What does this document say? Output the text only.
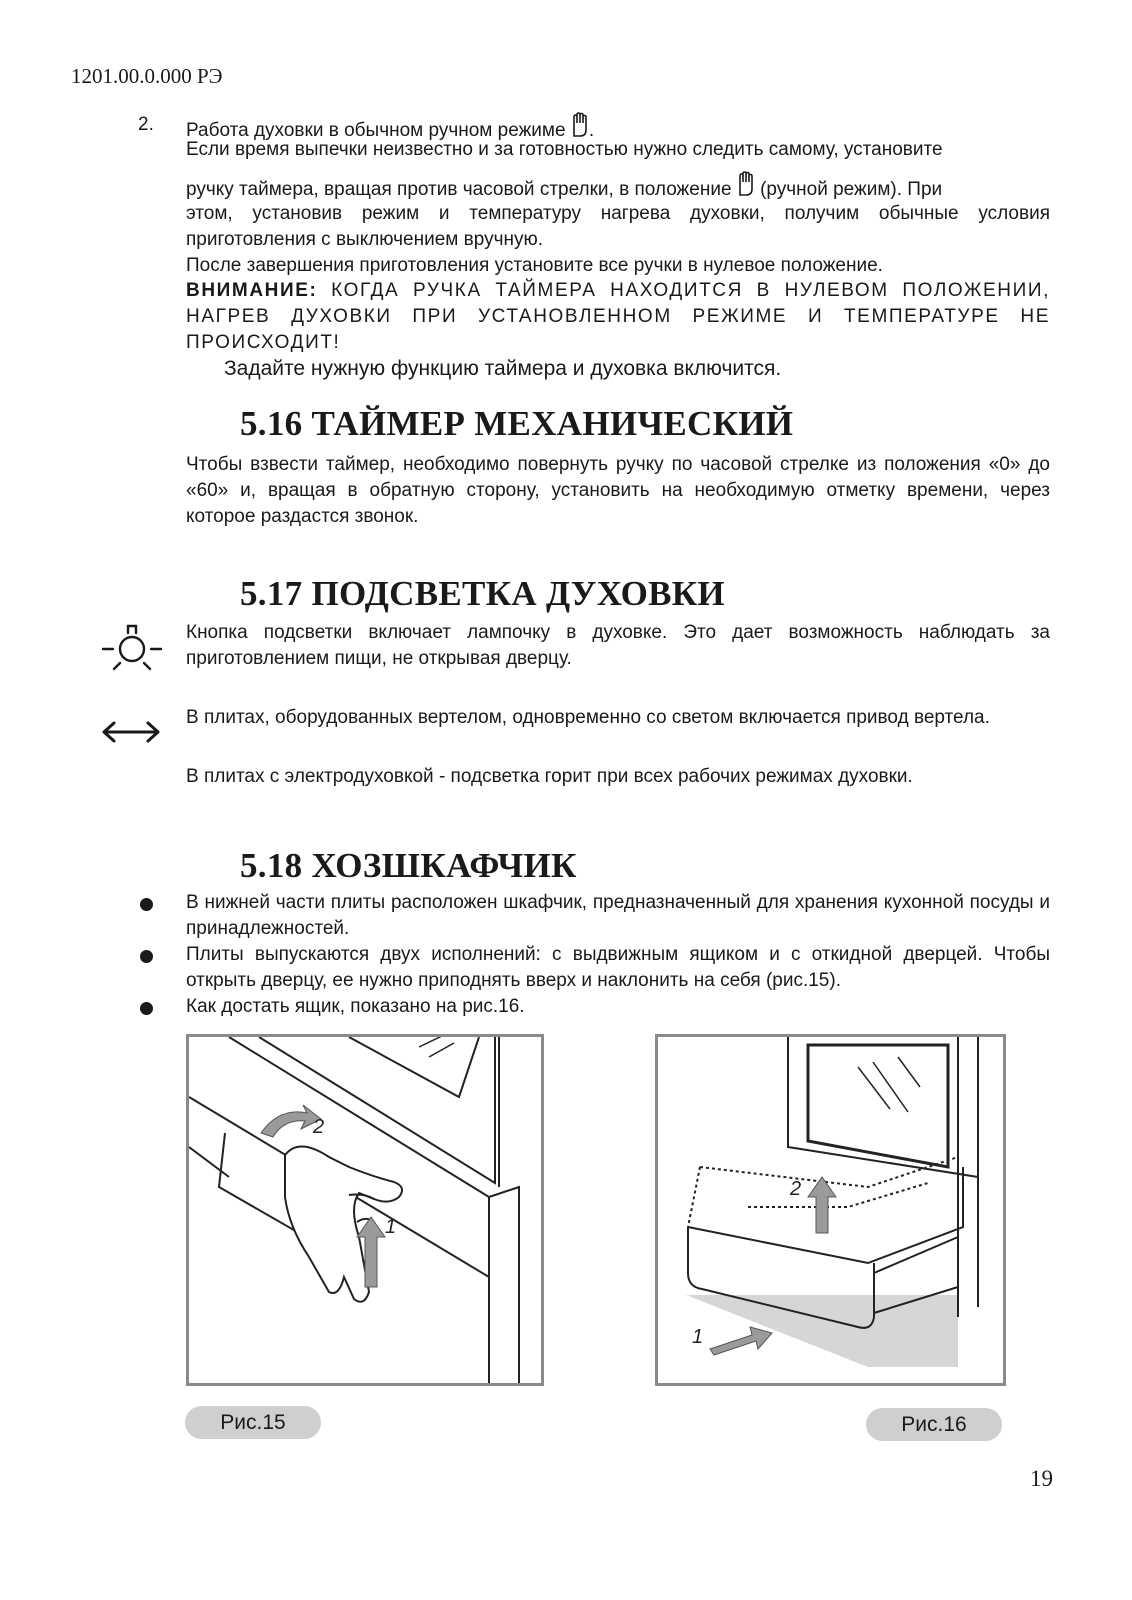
1201.00.0.000 РЭ
2. Работа духовки в обычном ручном режиме .
Если время выпечки неизвестно и за готовностью нужно следить самому, установите
ручку таймера, вращая против часовой стрелки, в положение (ручной режим). При
этом, установив режим и температуру нагрева духовки, получим обычные условия приготовления с выключением вручную.
После завершения приготовления установите все ручки в нулевое положение.
ВНИМАНИЕ: КОГДА РУЧКА ТАЙМЕРА НАХОДИТСЯ В НУЛЕВОМ ПОЛОЖЕНИИ, НАГРЕВ ДУХОВКИ ПРИ УСТАНОВЛЕННОМ РЕЖИМЕ И ТЕМПЕРАТУРЕ НЕ ПРОИСХОДИТ!
Задайте нужную функцию таймера и духовка включится.
5.16 ТАЙМЕР МЕХАНИЧЕСКИЙ
Чтобы взвести таймер, необходимо повернуть ручку по часовой стрелке из положения «0» до «60» и, вращая в обратную сторону, установить на необходимую отметку времени, через которое раздастся звонок.
5.17 ПОДСВЕТКА ДУХОВКИ
Кнопка подсветки включает лампочку в духовке. Это дает возможность наблюдать за приготовлением пищи, не открывая дверцу.
В плитах, оборудованных вертелом, одновременно со светом включается привод вертела.
В плитах с электродуховкой - подсветка горит при всех рабочих режимах духовки.
5.18 ХОЗШКАФЧИК
В нижней части плиты расположен шкафчик, предназначенный для хранения кухонной посуды и принадлежностей.
Плиты выпускаются двух исполнений: с выдвижным ящиком и с откидной дверцей. Чтобы открыть дверцу, ее нужно приподнять вверх и наклонить на себя (рис.15).
Как достать ящик, показано на рис.16.
2
1
2
1
Рис.15	Рис.16
19
